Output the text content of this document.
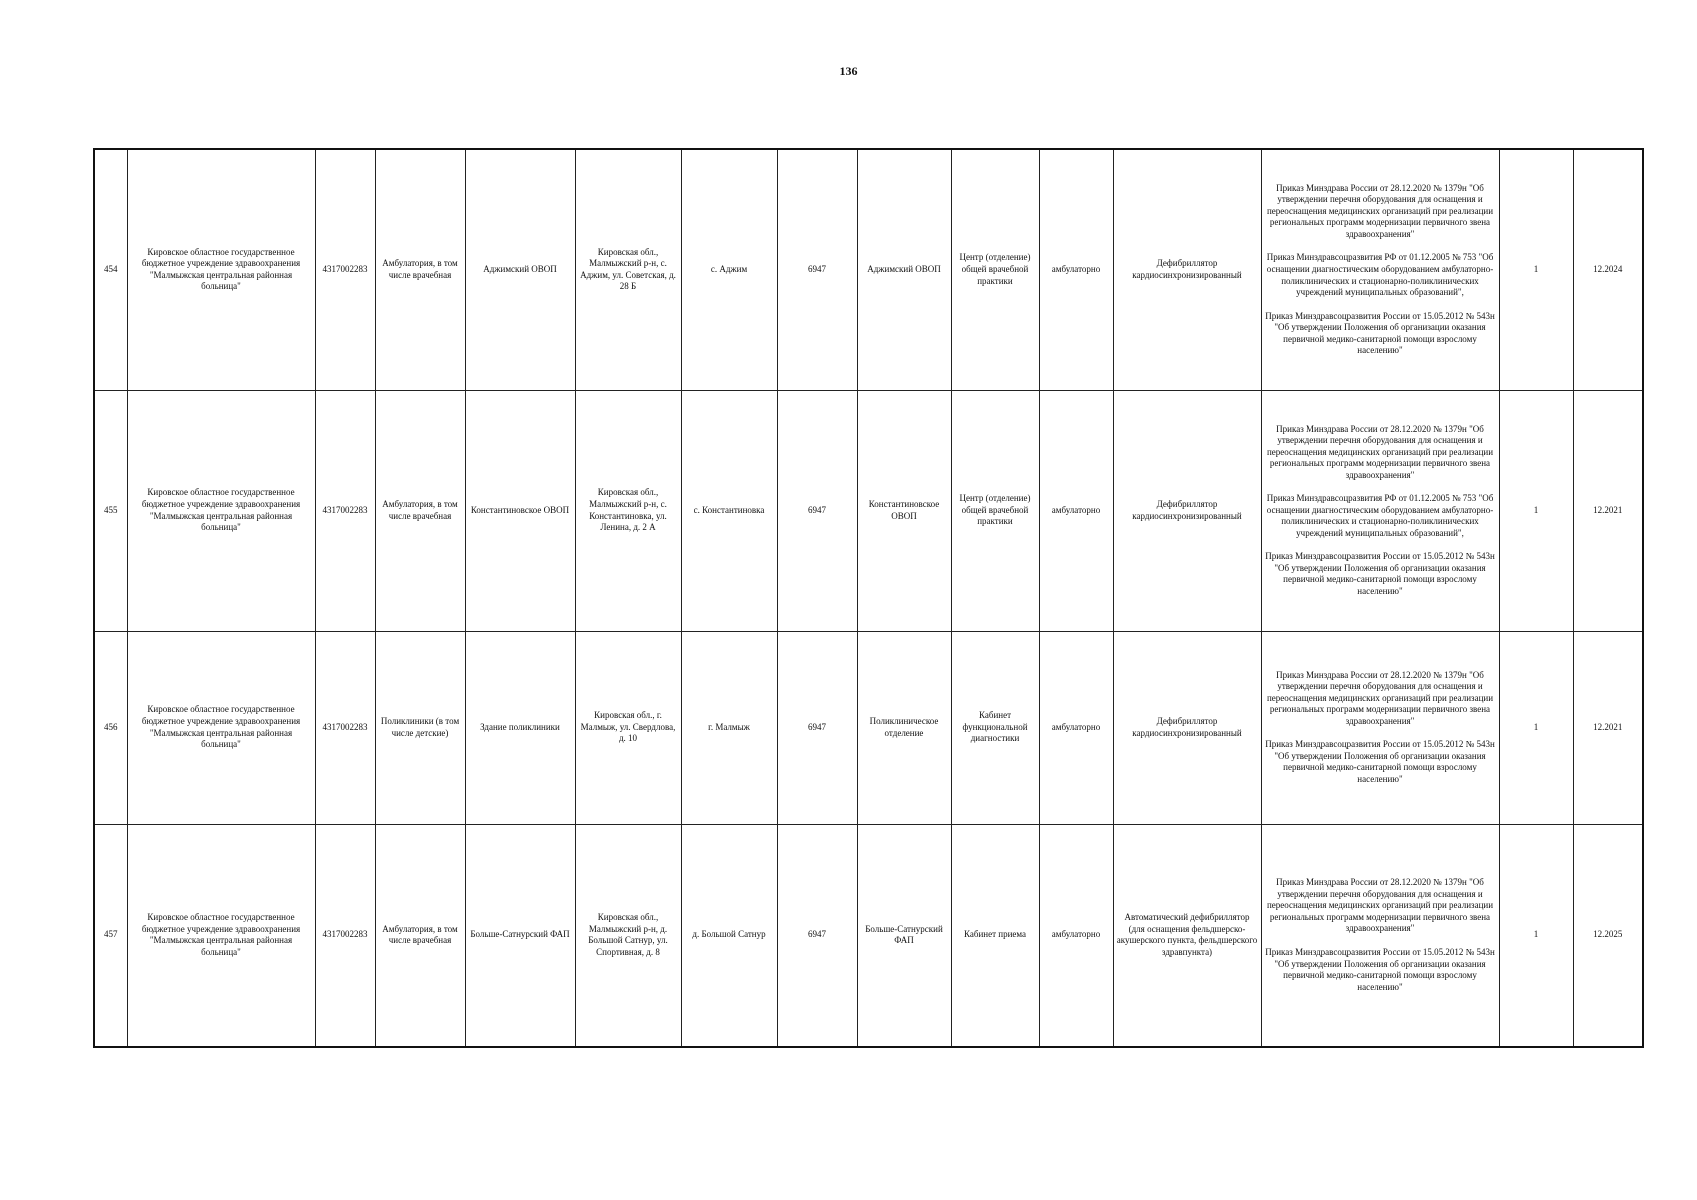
136
454	Кировское областное государственное бюджетное учреждение здравоохранения "Малмыжская центральная районная больница"	4317002283	Амбулатория, в том числе врачебная	Аджимский ОВОП	Кировская обл., Малмыжский р-н, с. Аджим, ул. Советская, д. 28 Б	с. Аджим	6947	Аджимский ОВОП	Центр (отделение) общей врачебной практики	амбулаторно	Дефибриллятор кардиосинхронизированный	Приказ Минздрава России от 28.12.2020 № 1379н "Об утверждении перечня оборудования для оснащения и переоснащения медицинских организаций при реализации региональных программ модернизации первичного звена здравоохранения"
Приказ Минздравсоцразвития РФ от 01.12.2005 № 753 "Об оснащении диагностическим оборудованием амбулаторно-поликлинических и стационарно-поликлинических учреждений муниципальных образований",
Приказ Минздравсоцразвития России от 15.05.2012 № 543н "Об утверждении Положения об организации оказания первичной медико-санитарной помощи взрослому населению"	1	12.2024
455	Кировское областное государственное бюджетное учреждение здравоохранения "Малмыжская центральная районная больница"	4317002283	Амбулатория, в том числе врачебная	Константиновское ОВОП	Кировская обл., Малмыжский р-н, с. Константиновка, ул. Ленина, д. 2 А	с. Константиновка	6947	Константиновское ОВОП	Центр (отделение) общей врачебной практики	амбулаторно	Дефибриллятор кардиосинхронизированный	Приказ Минздрава России от 28.12.2020 № 1379н "Об утверждении перечня оборудования для оснащения и переоснащения медицинских организаций при реализации региональных программ модернизации первичного звена здравоохранения"
Приказ Минздравсоцразвития РФ от 01.12.2005 № 753 "Об оснащении диагностическим оборудованием амбулаторно-поликлинических и стационарно-поликлинических учреждений муниципальных образований",
Приказ Минздравсоцразвития России от 15.05.2012 № 543н "Об утверждении Положения об организации оказания первичной медико-санитарной помощи взрослому населению"	1	12.2021
456	Кировское областное государственное бюджетное учреждение здравоохранения "Малмыжская центральная районная больница"	4317002283	Поликлиники (в том числе детские)	Здание поликлиники	Кировская обл., г. Малмыж, ул. Свердлова, д. 10	г. Малмыж	6947	Поликлиническое отделение	Кабинет функциональной диагностики	амбулаторно	Дефибриллятор кардиосинхронизированный	Приказ Минздрава России от 28.12.2020 № 1379н "Об утверждении перечня оборудования для оснащения и переоснащения медицинских организаций при реализации региональных программ модернизации первичного звена здравоохранения"
Приказ Минздравсоцразвития России от 15.05.2012 № 543н "Об утверждении Положения об организации оказания первичной медико-санитарной помощи взрослому населению"	1	12.2021
457	Кировское областное государственное бюджетное учреждение здравоохранения "Малмыжская центральная районная больница"	4317002283	Амбулатория, в том числе врачебная	Больше-Сатнурский ФАП	Кировская обл., Малмыжский р-н, д. Большой Сатнур, ул. Спортивная, д. 8	д. Большой Сатнур	6947	Больше-Сатнурский ФАП	Кабинет приема	амбулаторно	Автоматический дефибриллятор (для оснащения фельдшерско-акушерского пункта, фельдшерского здравпункта)	Приказ Минздрава России от 28.12.2020 № 1379н "Об утверждении перечня оборудования для оснащения и переоснащения медицинских организаций при реализации региональных программ модернизации первичного звена здравоохранения"
Приказ Минздравсоцразвития России от 15.05.2012 № 543н "Об утверждении Положения об организации оказания первичной медико-санитарной помощи взрослому населению"	1	12.2025
